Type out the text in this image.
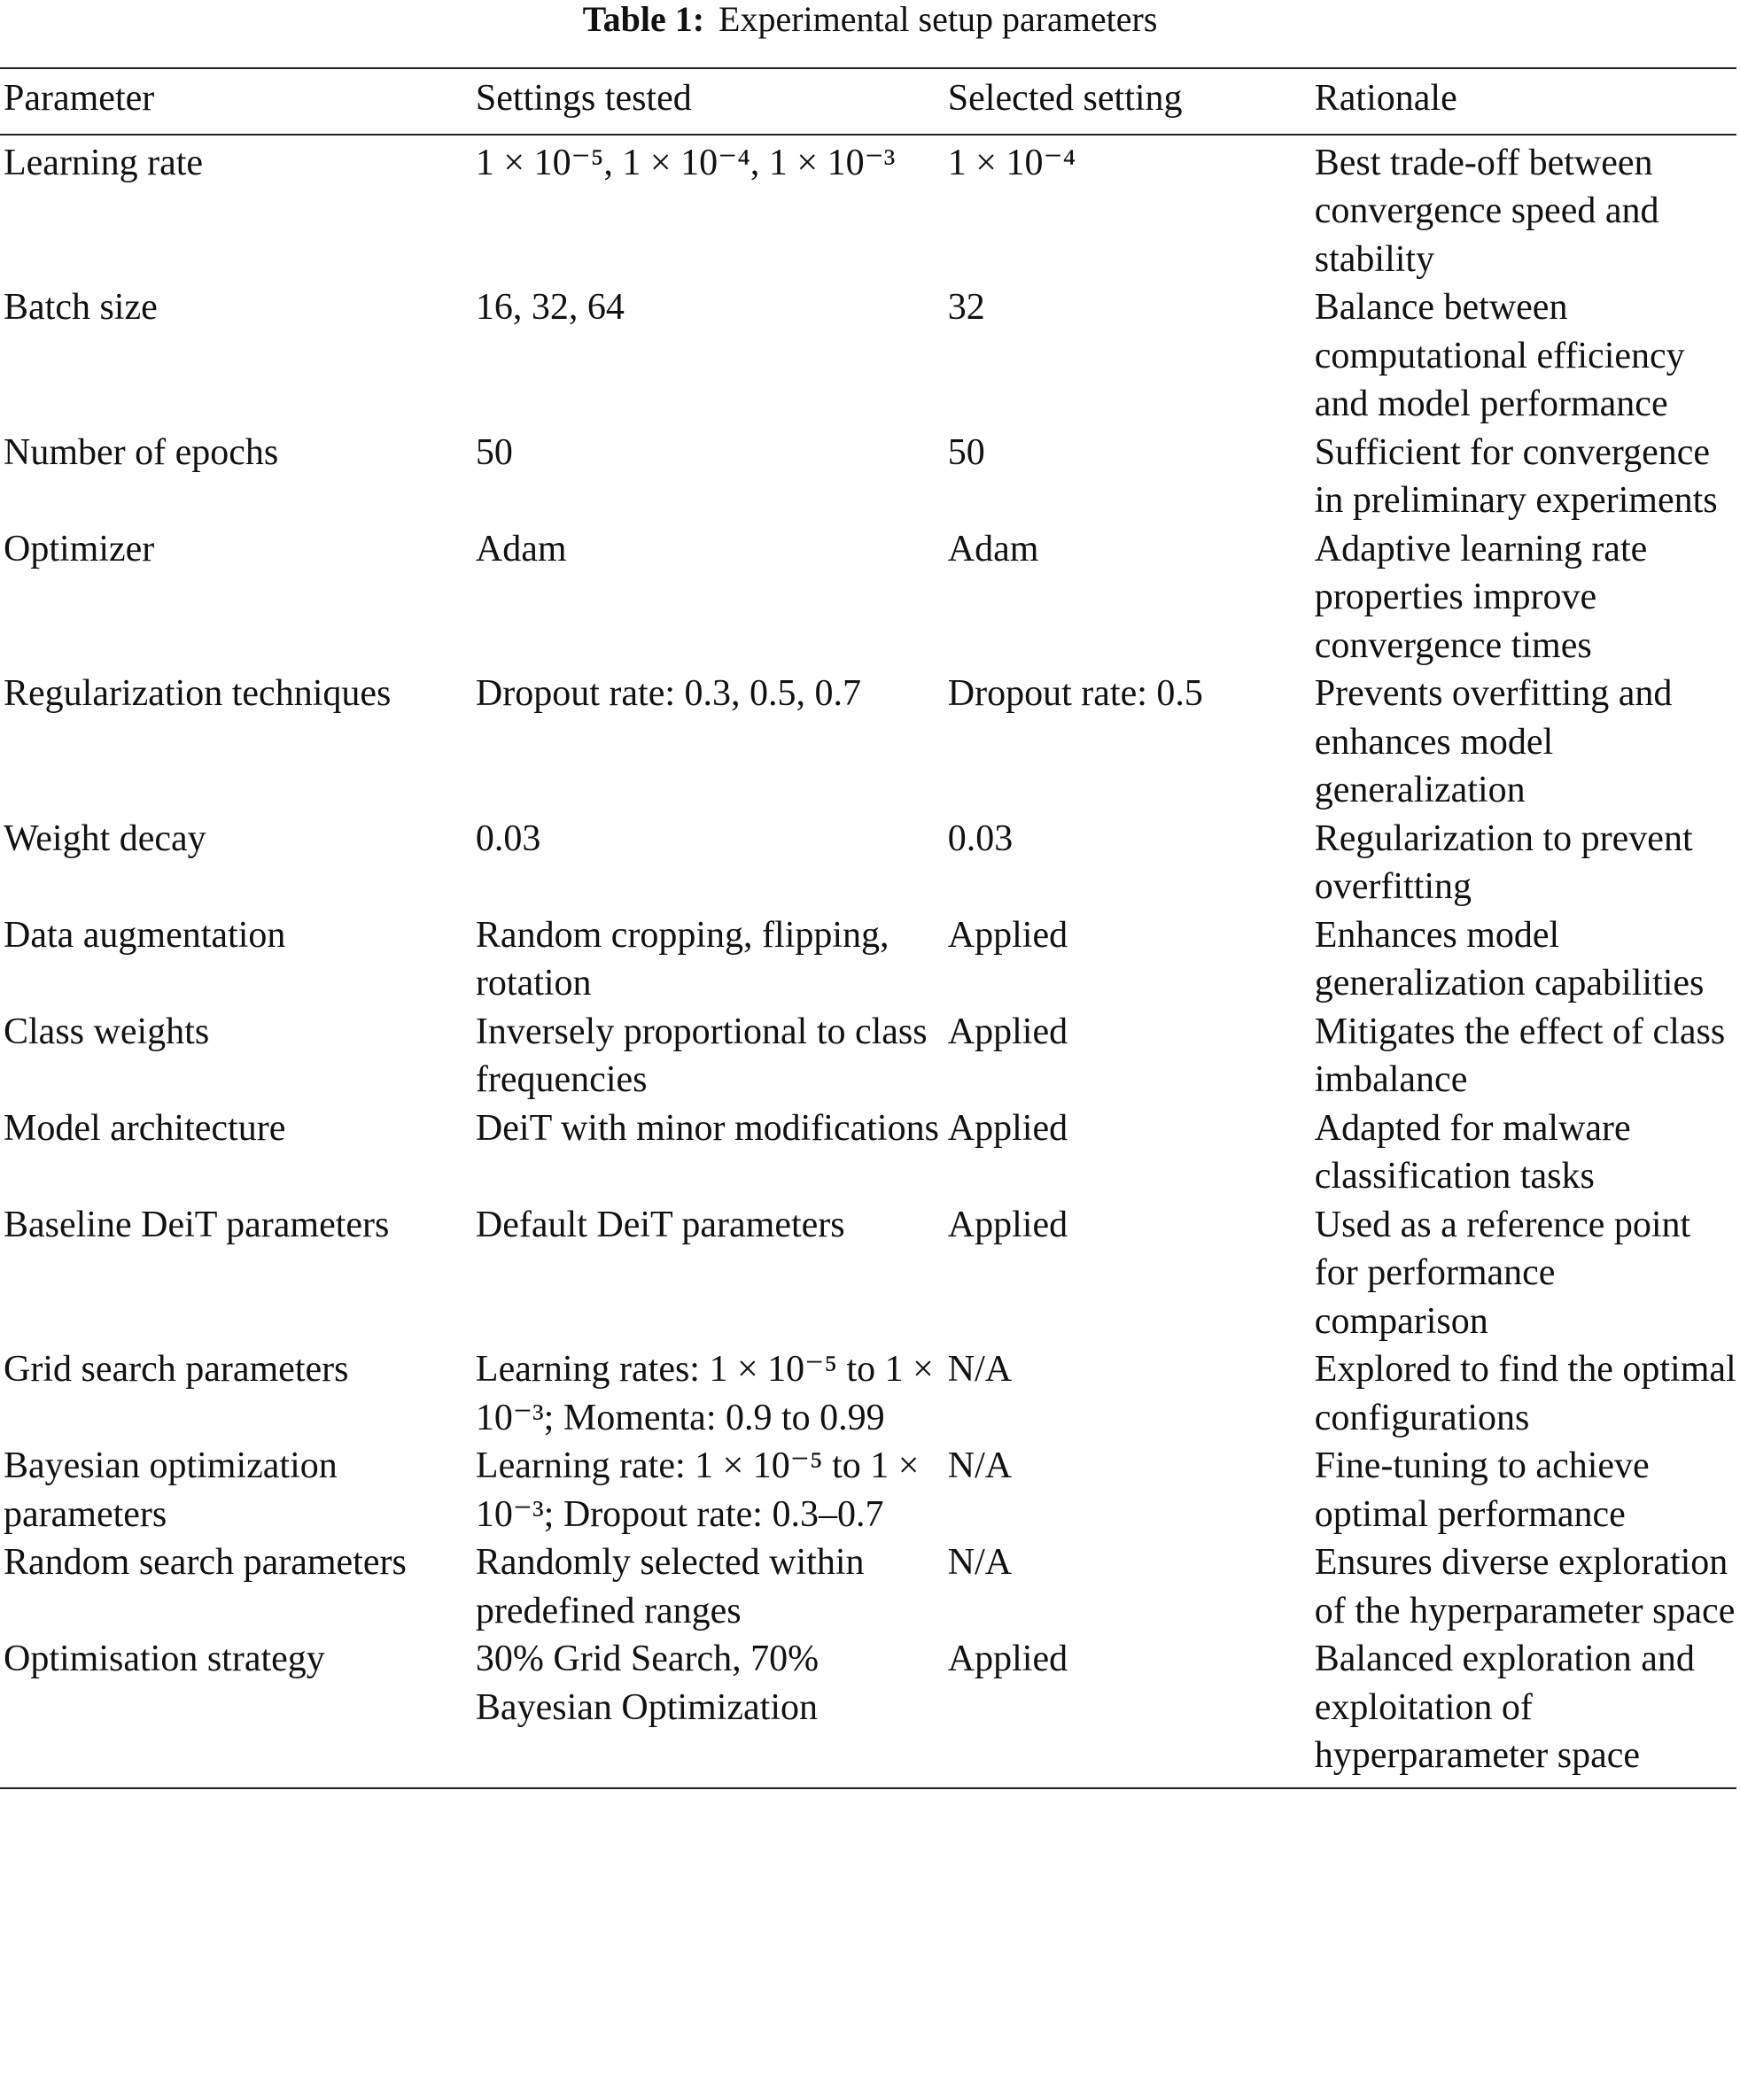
Table 1: Experimental setup parameters
Parameter	Settings tested	Selected setting	Rationale
Learning rate	1 × 10⁻⁵, 1 × 10⁻⁴, 1 × 10⁻³	1 × 10⁻⁴	Best trade-off between convergence speed and stability
Batch size	16, 32, 64	32	Balance between computational efficiency and model performance
Number of epochs	50	50	Sufficient for convergence in preliminary experiments
Optimizer	Adam	Adam	Adaptive learning rate properties improve convergence times
Regularization techniques	Dropout rate: 0.3, 0.5, 0.7	Dropout rate: 0.5	Prevents overfitting and enhances model generalization
Weight decay	0.03	0.03	Regularization to prevent overfitting
Data augmentation	Random cropping, flipping, rotation	Applied	Enhances model generalization capabilities
Class weights	Inversely proportional to class frequencies	Applied	Mitigates the effect of class imbalance
Model architecture	DeiT with minor modifications	Applied	Adapted for malware classification tasks
Baseline DeiT parameters	Default DeiT parameters	Applied	Used as a reference point for performance comparison
Grid search parameters	Learning rates: 1 × 10⁻⁵ to 1 × 10⁻³; Momenta: 0.9 to 0.99	N/A	Explored to find the optimal configurations
Bayesian optimization parameters	Learning rate: 1 × 10⁻⁵ to 1 × 10⁻³; Dropout rate: 0.3–0.7	N/A	Fine-tuning to achieve optimal performance
Random search parameters	Randomly selected within predefined ranges	N/A	Ensures diverse exploration of the hyperparameter space
Optimisation strategy	30% Grid Search, 70% Bayesian Optimization	Applied	Balanced exploration and exploitation of hyperparameter space
